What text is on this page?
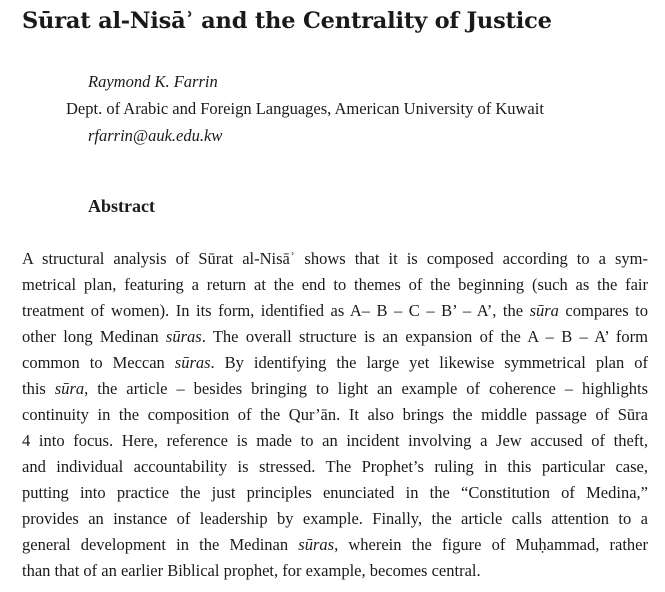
Sūrat al-Nisāʾ and the Centrality of Justice
Raymond K. Farrin
Dept. of Arabic and Foreign Languages, American University of Kuwait
rfarrin@auk.edu.kw
Abstract

A structural analysis of Sūrat al-Nisāʾ shows that it is composed according to a sym-
metrical plan, featuring a return at the end to themes of the beginning (such as the fair
treatment of women). In its form, identified as A– B – C – B’ – A’, the sūra compares to
other long Medinan sūras. The overall structure is an expansion of the A – B – A’ form
common to Meccan sūras. By identifying the large yet likewise symmetrical plan of
this sūra, the article – besides bringing to light an example of coherence – highlights
continuity in the composition of the Qur’ān. It also brings the middle passage of Sūra
4 into focus. Here, reference is made to an incident involving a Jew accused of theft,
and individual accountability is stressed. The Prophet’s ruling in this particular case,
putting into practice the just principles enunciated in the “Constitution of Medina,”
provides an instance of leadership by example. Finally, the article calls attention to a
general development in the Medinan sūras, wherein the figure of Muḥammad, rather
than that of an earlier Biblical prophet, for example, becomes central.
